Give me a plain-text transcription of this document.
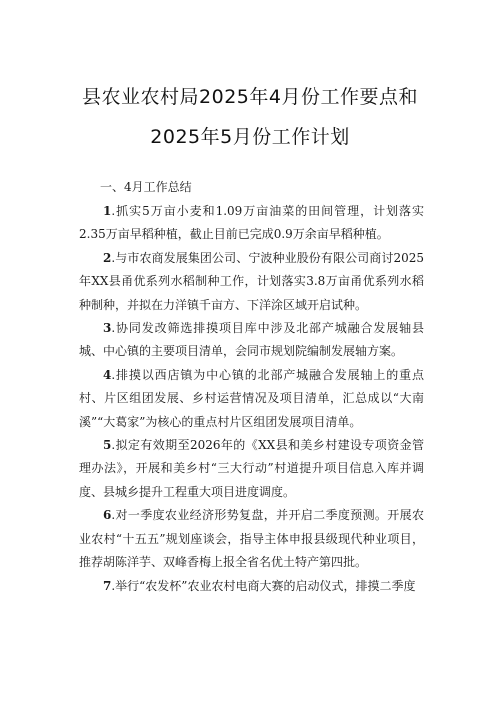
县农业农村局2025年4月份工作要点和
2025年5月份工作计划
一、4月工作总结

1.抓实5万亩小麦和1.09万亩油菜的田间管理，计划落实2.35万亩早稻种植，截止目前已完成0.9万余亩早稻种植。

2.与市农商发展集团公司、宁波种业股份有限公司商讨2025年XX县甬优系列水稻制种工作，计划落实3.8万亩甬优系列水稻种制种，并拟在力洋镇千亩方、下洋涂区域开启试种。

3.协同发改筛选排摸项目库中涉及北部产城融合发展轴县城、中心镇的主要项目清单，会同市规划院编制发展轴方案。

4.排摸以西店镇为中心镇的北部产城融合发展轴上的重点村、片区组团发展、乡村运营情况及项目清单，汇总成以“大南溪”“大葛家”为核心的重点村片区组团发展项目清单。

5.拟定有效期至2026年的《XX县和美乡村建设专项资金管理办法》，开展和美乡村“三大行动”村道提升项目信息入库并调度、县城乡提升工程重大项目进度调度。

6.对一季度农业经济形势复盘，并开启二季度预测。开展农业农村“十五五”规划座谈会，指导主体申报县级现代种业项目，推荐胡陈洋芋、双峰香梅上报全省名优土特产第四批。

7.举行“农发杯”农业农村电商大赛的启动仪式，排摸二季度
